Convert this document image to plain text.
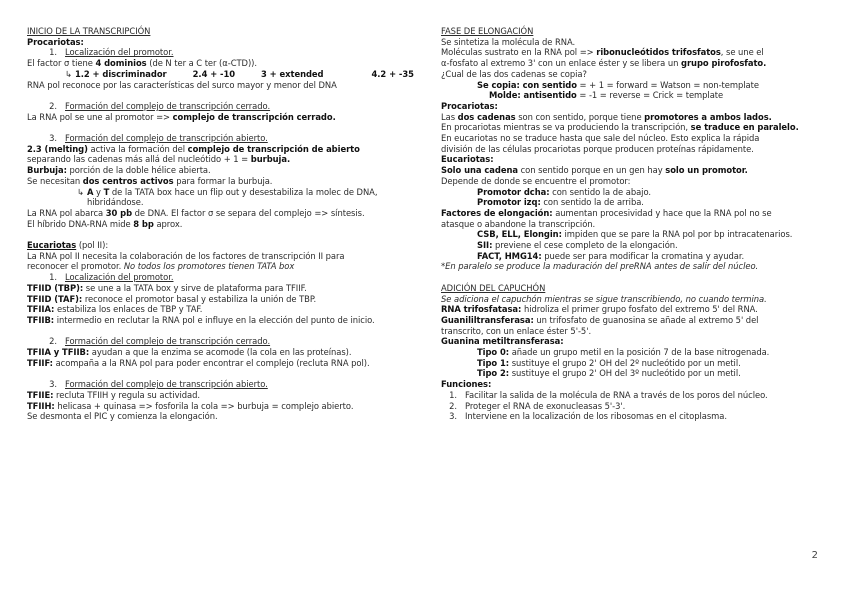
INICIO DE LA TRANSCRIPCIÓN
Procariotas:
1. Localización del promotor.
El factor σ tiene 4 dominios (de N ter a C ter (α-CTD)).
↳ 1.2 + discriminador	2.4 + -10	3 + extended	4.2 + -35
RNA pol reconoce por las características del surco mayor y menor del DNA
2. Formación del complejo de transcripción cerrado.
La RNA pol se une al promotor => complejo de transcripción cerrado.
3. Formación del complejo de transcripción abierto.
2.3 (melting) activa la formación del complejo de transcripción de abierto
separando las cadenas más allá del nucleótido + 1 = burbuja.
Burbuja: porción de la doble hélice abierta.
Se necesitan dos centros activos para formar la burbuja.
↳ A y T de la TATA box hace un flip out y desestabiliza la molec de DNA,
hibridándose.
La RNA pol abarca 30 pb de DNA. El factor σ se separa del complejo => síntesis.
El híbrido DNA-RNA mide 8 bp aprox.
Eucariotas (pol II):
La RNA pol II necesita la colaboración de los factores de transcripción II para
reconocer el promotor. No todos los promotores tienen TATA box
1. Localización del promotor.
TFIID (TBP): se une a la TATA box y sirve de plataforma para TFIIF.
TFIID (TAF): reconoce el promotor basal y estabiliza la unión de TBP.
TFIIA: estabiliza los enlaces de TBP y TAF.
TFIIB: intermedio en reclutar la RNA pol e influye en la elección del punto de inicio.
2. Formación del complejo de transcripción cerrado.
TFIIA y TFIIB: ayudan a que la enzima se acomode (la cola en las proteínas).
TFIIF: acompaña a la RNA pol para poder encontrar el complejo (recluta RNA pol).
3. Formación del complejo de transcripción abierto.
TFIIE: recluta TFIIH y regula su actividad.
TFIIH: helicasa + quinasa => fosforila la cola => burbuja = complejo abierto.
Se desmonta el PIC y comienza la elongación.
FASE DE ELONGACIÓN
Se sintetiza la molécula de RNA.
Moléculas sustrato en la RNA pol => ribonucleótidos trifosfatos, se une el
α-fosfato al extremo 3' con un enlace éster y se libera un grupo pirofosfato.
¿Cual de las dos cadenas se copia?
Se copia: con sentido = + 1 = forward = Watson = non-template
Molde: antisentido = -1 = reverse = Crick = template
Procariotas:
Las dos cadenas son con sentido, porque tiene promotores a ambos lados.
En procariotas mientras se va produciendo la transcripción, se traduce en paralelo.
En eucariotas no se traduce hasta que sale del núcleo. Esto explica la rápida
división de las células procariotas porque producen proteínas rápidamente.
Eucariotas:
Solo una cadena con sentido porque en un gen hay solo un promotor.
Depende de donde se encuentre el promotor:
Promotor dcha: con sentido la de abajo.
Promotor izq: con sentido la de arriba.
Factores de elongación: aumentan procesividad y hace que la RNA pol no se
atasque o abandone la transcripción.
CSB, ELL, Elongin: impiden que se pare la RNA pol por bp intracatenarios.
SII: previene el cese completo de la elongación.
FACT, HMG14: puede ser para modificar la cromatina y ayudar.
*En paralelo se produce la maduración del preRNA antes de salir del núcleo.
ADICIÓN DEL CAPUCHÓN
Se adiciona el capuchón mientras se sigue transcribiendo, no cuando termina.
RNA trifosfatasa: hidroliza el primer grupo fosfato del extremo 5' del RNA.
Guanililtransferasa: un trifosfato de guanosina se añade al extremo 5' del
transcrito, con un enlace éster 5'-5'.
Guanina metiltransferasa:
Tipo 0: añade un grupo metil en la posición 7 de la base nitrogenada.
Tipo 1: sustituye el grupo 2' OH del 2º nucleótido por un metil.
Tipo 2: sustituye el grupo 2' OH del 3º nucleótido por un metil.
Funciones:
1. Facilitar la salida de la molécula de RNA a través de los poros del núcleo.
2. Proteger el RNA de exonucleasas 5'-3'.
3. Interviene en la localización de los ribosomas en el citoplasma.
2
